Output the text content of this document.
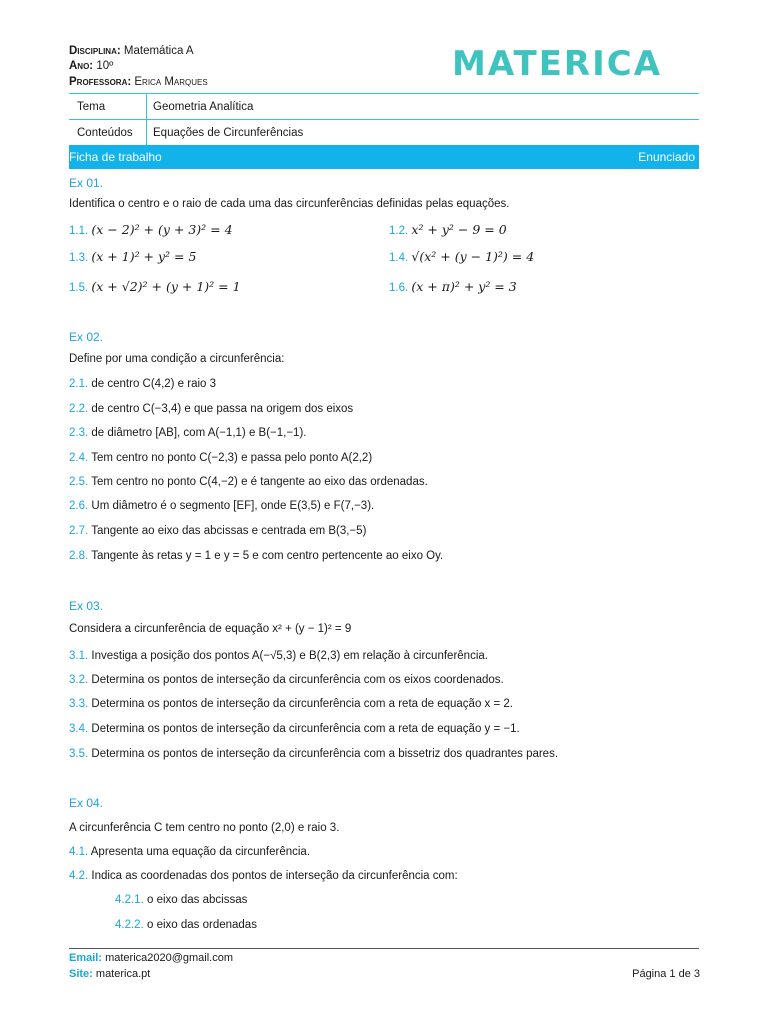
Disciplina: Matemática A
Ano: 10º
Professora: Erica Marques	MATERICA
Tema	Geometria Analítica
Conteúdos	Equações de Circunferências
Ficha de trabalho	Enunciado
Ex 01.
Identifica o centro e o raio de cada uma das circunferências definidas pelas equações.
1.1. (x − 2)² + (y + 3)² = 4	1.2. x² + y² − 9 = 0
1.3. (x + 1)² + y² = 5	1.4. √(x² + (y − 1)²) = 4
1.5. (x + √2)² + (y + 1)² = 1	1.6. (x + π)² + y² = 3
Ex 02.
Define por uma condição a circunferência:
2.1. de centro C(4,2) e raio 3
2.2. de centro C(−3,4) e que passa na origem dos eixos
2.3. de diâmetro [AB], com A(−1,1) e B(−1,−1).
2.4. Tem centro no ponto C(−2,3) e passa pelo ponto A(2,2)
2.5. Tem centro no ponto C(4,−2) e é tangente ao eixo das ordenadas.
2.6. Um diâmetro é o segmento [EF], onde E(3,5) e F(7,−3).
2.7. Tangente ao eixo das abcissas e centrada em B(3,−5)
2.8. Tangente às retas y = 1 e y = 5 e com centro pertencente ao eixo Oy.
Ex 03.
Considera a circunferência de equação x² + (y − 1)² = 9
3.1. Investiga a posição dos pontos A(−√5,3) e B(2,3) em relação à circunferência.
3.2. Determina os pontos de interseção da circunferência com os eixos coordenados.
3.3. Determina os pontos de interseção da circunferência com a reta de equação x = 2.
3.4. Determina os pontos de interseção da circunferência com a reta de equação y = −1.
3.5. Determina os pontos de interseção da circunferência com a bissetriz dos quadrantes pares.
Ex 04.
A circunferência C tem centro no ponto (2,0) e raio 3.
4.1. Apresenta uma equação da circunferência.
4.2. Indica as coordenadas dos pontos de interseção da circunferência com:
4.2.1. o eixo das abcissas
4.2.2. o eixo das ordenadas
Email: materica2020@gmail.com
Site: materica.pt	Página 1 de 3
